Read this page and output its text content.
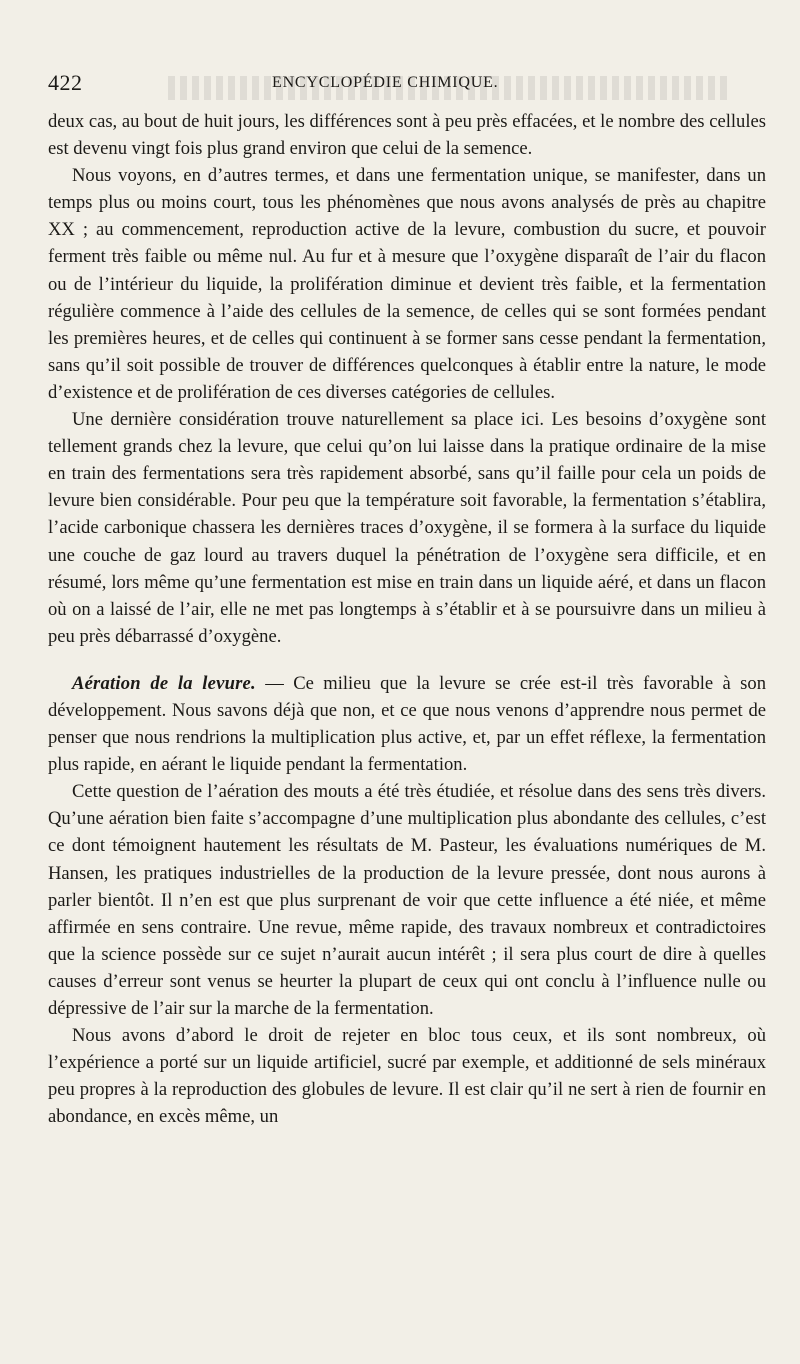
422	ENCYCLOPÉDIE CHIMIQUE.

deux cas, au bout de huit jours, les différences sont à peu près effacées, et le nombre des cellules est devenu vingt fois plus grand environ que celui de la semence.

Nous voyons, en d’autres termes, et dans une fermentation unique, se manifester, dans un temps plus ou moins court, tous les phénomènes que nous avons analysés de près au chapitre XX ; au commencement, reproduction active de la levure, combustion du sucre, et pouvoir ferment très faible ou même nul. Au fur et à mesure que l’oxygène disparaît de l’air du flacon ou de l’intérieur du liquide, la prolifération diminue et devient très faible, et la fermentation régulière commence à l’aide des cellules de la semence, de celles qui se sont formées pendant les premières heures, et de celles qui continuent à se former sans cesse pendant la fermentation, sans qu’il soit possible de trouver de différences quelconques à établir entre la nature, le mode d’existence et de prolifération de ces diverses catégories de cellules.

Une dernière considération trouve naturellement sa place ici. Les besoins d’oxygène sont tellement grands chez la levure, que celui qu’on lui laisse dans la pratique ordinaire de la mise en train des fermentations sera très rapidement absorbé, sans qu’il faille pour cela un poids de levure bien considérable. Pour peu que la température soit favorable, la fermentation s’établira, l’acide carbonique chassera les dernières traces d’oxygène, il se formera à la surface du liquide une couche de gaz lourd au travers duquel la pénétration de l’oxygène sera difficile, et en résumé, lors même qu’une fermentation est mise en train dans un liquide aéré, et dans un flacon où on a laissé de l’air, elle ne met pas longtemps à s’établir et à se poursuivre dans un milieu à peu près débarrassé d’oxygène.

Aération de la levure. — Ce milieu que la levure se crée est-il très favorable à son développement. Nous savons déjà que non, et ce que nous venons d’apprendre nous permet de penser que nous rendrions la multiplication plus active, et, par un effet réflexe, la fermentation plus rapide, en aérant le liquide pendant la fermentation.

Cette question de l’aération des mouts a été très étudiée, et résolue dans des sens très divers. Qu’une aération bien faite s’accompagne d’une multiplication plus abondante des cellules, c’est ce dont témoignent hautement les résultats de M. Pasteur, les évaluations numériques de M. Hansen, les pratiques industrielles de la production de la levure pressée, dont nous aurons à parler bientôt. Il n’en est que plus surprenant de voir que cette influence a été niée, et même affirmée en sens contraire. Une revue, même rapide, des travaux nombreux et contradictoires que la science possède sur ce sujet n’aurait aucun intérêt ; il sera plus court de dire à quelles causes d’erreur sont venus se heurter la plupart de ceux qui ont conclu à l’influence nulle ou dépressive de l’air sur la marche de la fermentation.

Nous avons d’abord le droit de rejeter en bloc tous ceux, et ils sont nombreux, où l’expérience a porté sur un liquide artificiel, sucré par exemple, et additionné de sels minéraux peu propres à la reproduction des globules de levure. Il est clair qu’il ne sert à rien de fournir en abondance, en excès même, un
